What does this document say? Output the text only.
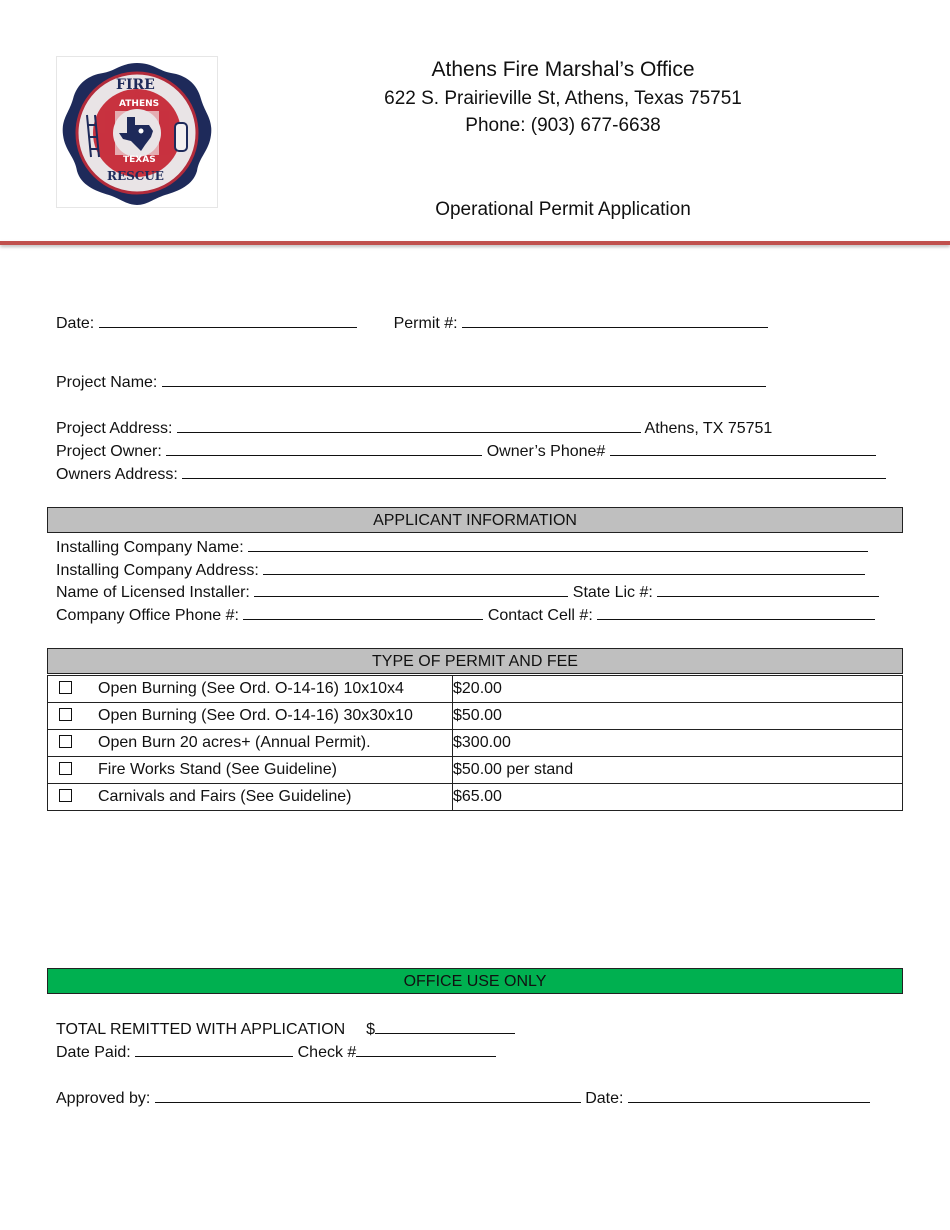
FIRE
ATHENS
TEXAS
RESCUE
Athens Fire Marshal’s Office
622 S. Prairieville St, Athens, Texas 75751
Phone: (903) 677-6638
Operational Permit Application
Date:	Permit #:
Project Name:
Project Address:	Athens, TX 75751
Project Owner:	Owner’s Phone#
Owners Address:
APPLICANT INFORMATION
Installing Company Name:
Installing Company Address:
Name of Licensed Installer:	State Lic #:
Company Office Phone #:	Contact Cell #:
TYPE OF PERMIT AND FEE
Open Burning (See Ord. O-14-16) 10x10x4	$20.00
Open Burning (See Ord. O-14-16) 30x30x10	$50.00
Open Burn 20 acres+ (Annual Permit).	$300.00
Fire Works Stand (See Guideline)	$50.00 per stand
Carnivals and Fairs (See Guideline)	$65.00
OFFICE USE ONLY
TOTAL REMITTED WITH APPLICATION $
Date Paid:	Check #
Approved by:	Date:
